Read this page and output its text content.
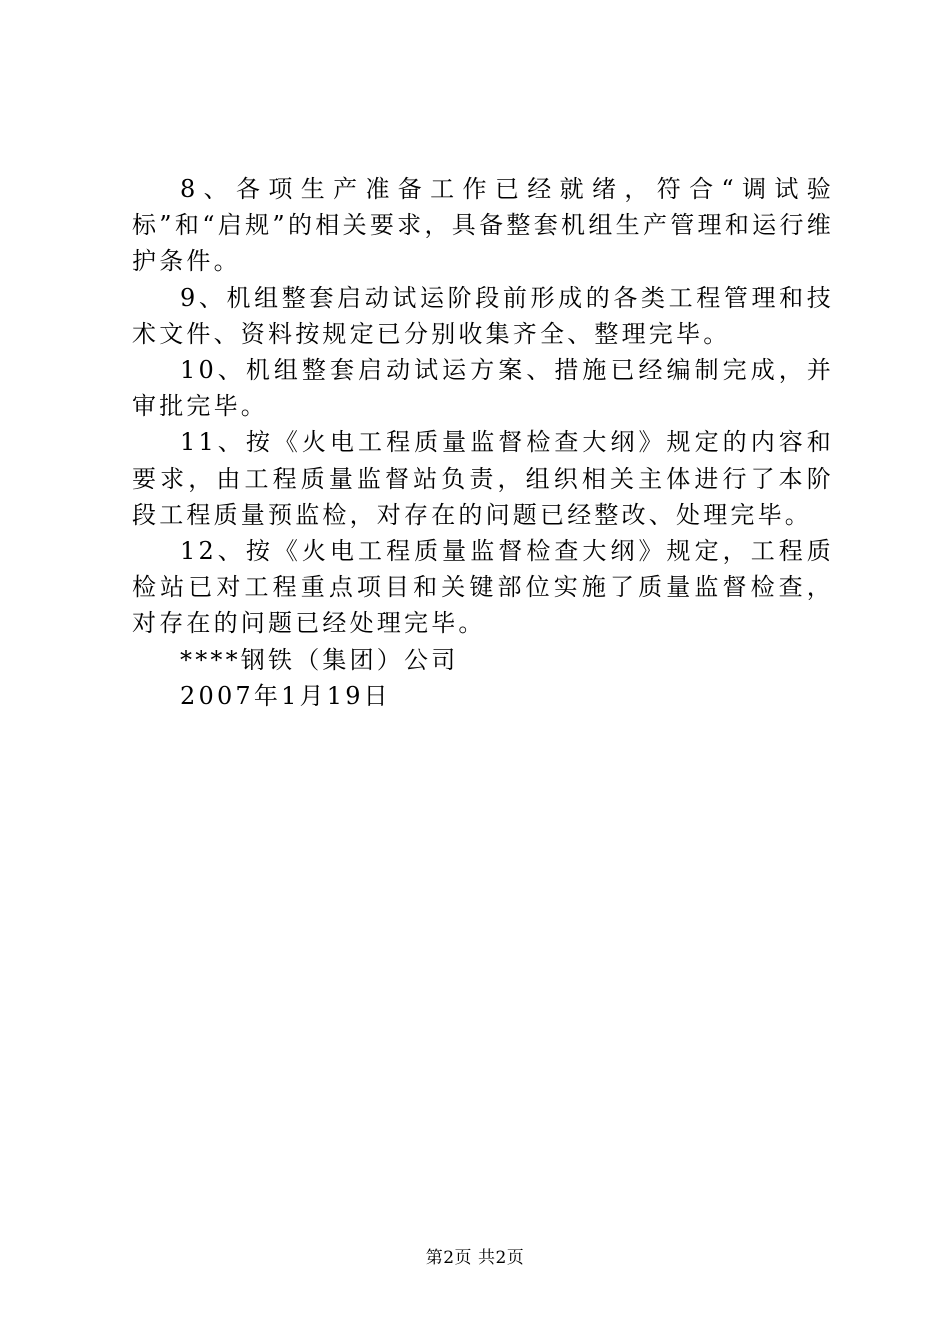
8、各项生产准备工作已经就绪，符合“调试验标”和“启规”的相关要求，具备整套机组生产管理和运行维护条件。

9、机组整套启动试运阶段前形成的各类工程管理和技术文件、资料按规定已分别收集齐全、整理完毕。

10、机组整套启动试运方案、措施已经编制完成，并审批完毕。

11、按《火电工程质量监督检查大纲》规定的内容和要求，由工程质量监督站负责，组织相关主体进行了本阶段工程质量预监检，对存在的问题已经整改、处理完毕。

12、按《火电工程质量监督检查大纲》规定，工程质检站已对工程重点项目和关键部位实施了质量监督检查，对存在的问题已经处理完毕。

****钢铁（集团）公司

2007年1月19日

第2页 共2页
